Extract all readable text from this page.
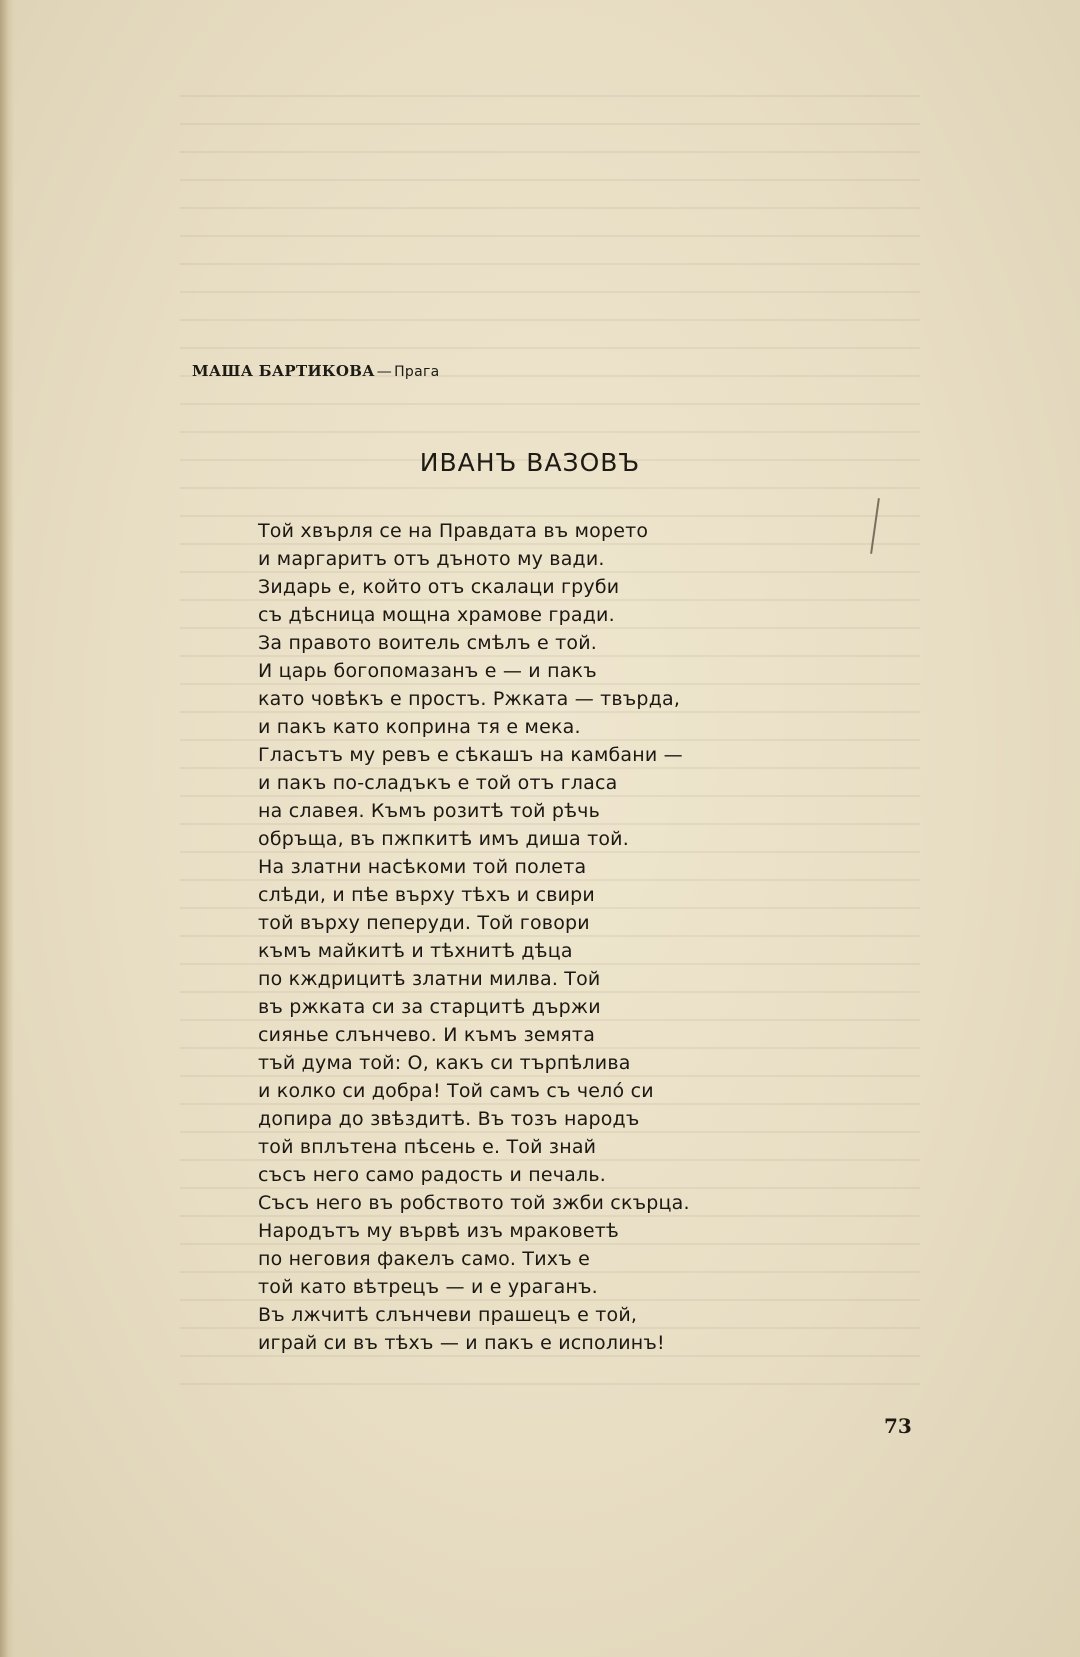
МАША БАРТИКОВА — Прага
ИВАНЪ ВАЗОВЪ
Той хвърля се на Правдата въ морето
и маргаритъ отъ дъното му вади.
Зидарь е, който отъ скалаци груби
съ дѣсница мощна храмове гради.
За правото воитель смѣлъ е той.
И царь богопомазанъ е — и пакъ
като човѣкъ е простъ. Ржката — твърда,
и пакъ като коприна тя е мека.
Гласътъ му ревъ е сѣкашъ на камбани —
и пакъ по-сладъкъ е той отъ гласа
на славея. Къмъ розитѣ той рѣчь
обръща, въ пжпкитѣ имъ диша той.
На златни насѣкоми той полета
слѣди, и пѣе върху тѣхъ и свири
той върху пеперуди. Той говори
къмъ майкитѣ и тѣхнитѣ дѣца
по кждрицитѣ златни милва. Той
въ ржката си за старцитѣ държи
сиянье слънчево. И къмъ земята
тъй дума той: О, какъ си търпѣлива
и колко си добра! Той самъ съ челó си
допира до звѣздитѣ. Въ тозъ народъ
той вплътена пѣсень е. Той знай
съсъ него само радость и печаль.
Съсъ него въ робството той зжби скърца.
Народътъ му вървѣ изъ мраковетѣ
по неговия факелъ само. Тихъ е
той като вѣтрецъ — и е ураганъ.
Въ лжчитѣ слънчеви прашецъ е той,
играй си въ тѣхъ — и пакъ е исполинъ!
73
